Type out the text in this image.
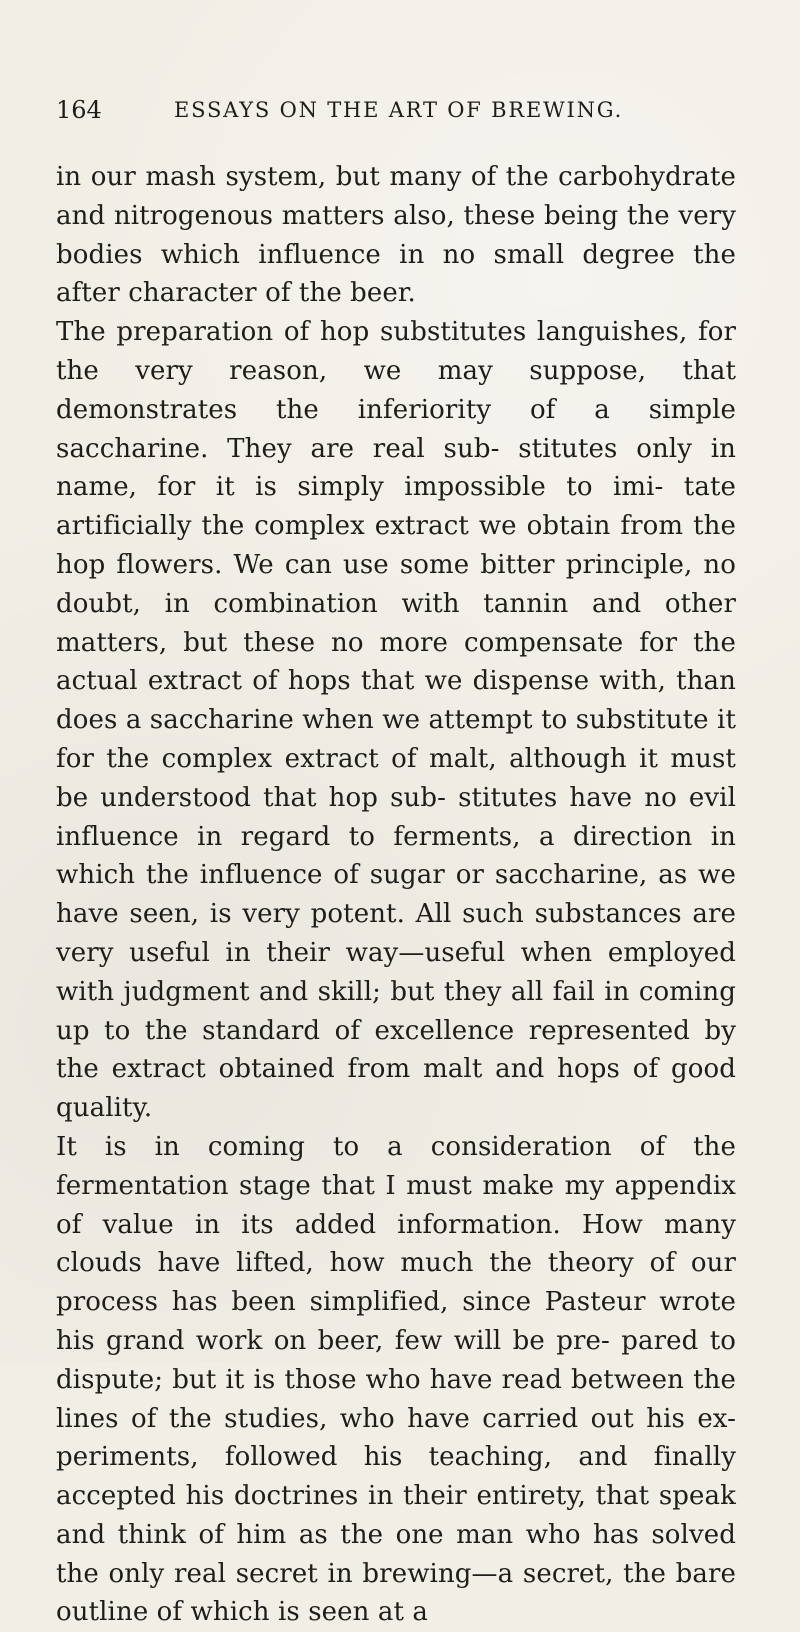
164	ESSAYS ON THE ART OF BREWING.

in our mash system, but many of the carbohydrate and nitrogenous matters also, these being the very bodies which influence in no small degree the after character of the beer.

The preparation of hop substitutes languishes, for the very reason, we may suppose, that demonstrates the inferiority of a simple saccharine. They are real sub- stitutes only in name, for it is simply impossible to imi- tate artificially the complex extract we obtain from the hop flowers. We can use some bitter principle, no doubt, in combination with tannin and other matters, but these no more compensate for the actual extract of hops that we dispense with, than does a saccharine when we attempt to substitute it for the complex extract of malt, although it must be understood that hop sub- stitutes have no evil influence in regard to ferments, a direction in which the influence of sugar or saccharine, as we have seen, is very potent. All such substances are very useful in their way—useful when employed with judgment and skill; but they all fail in coming up to the standard of excellence represented by the extract obtained from malt and hops of good quality.

It is in coming to a consideration of the fermentation stage that I must make my appendix of value in its added information. How many clouds have lifted, how much the theory of our process has been simplified, since Pasteur wrote his grand work on beer, few will be pre- pared to dispute; but it is those who have read between the lines of the studies, who have carried out his ex- periments, followed his teaching, and finally accepted his doctrines in their entirety, that speak and think of him as the one man who has solved the only real secret in brewing—a secret, the bare outline of which is seen at a
